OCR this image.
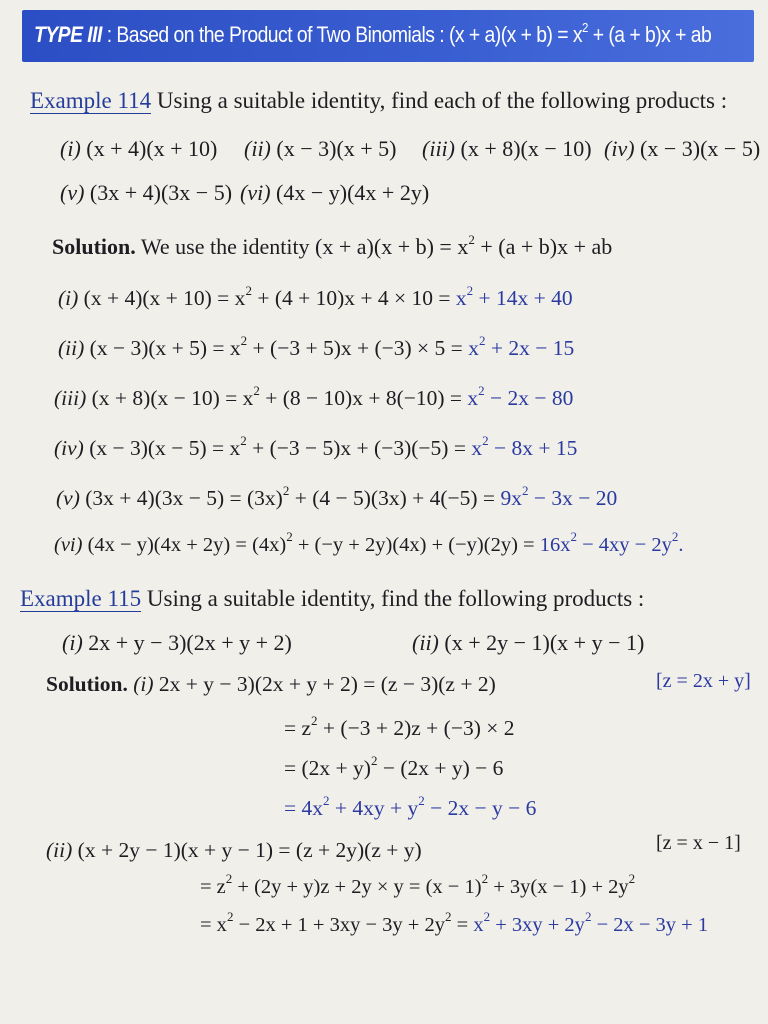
TYPE III : Based on the Product of Two Binomials : $(x + a)(x + b) = x^2 + (a + b)x$ + ab
Example 114 Using a suitable identity, find each of the following products :
(i) (x + 4)(x + 10) (ii) (x − 3)(x + 5) (iii) (x + 8)(x − 10) (iv) (x − 3)(x − 5)
(v) (3x + 4)(3x − 5) (vi) (4x − y)(4x + 2y)
Solution. We use the identity $(x + a)(x + b) = x^2 + (a + b)x$ + ab
(i) $(x + 4)(x + 10) = x^2 + (4 + 10)x + 4 \times 10 = x^2 + 14x + 40$
(ii) $(x - 3)(x + 5) = x^2 + (-3 + 5)x + (-3) \times 5 = x^2 + 2x - 15$
(iii) $(x + 8)(x - 10) = x^2 + (8 - 10)x + 8(-10) = x^2 - 2x - 80$
(iv) $(x - 3)(x - 5) = x^2 + (-3 - 5)x + (-3)(-5) = x^2 - 8x + 15$
(v) $(3x + 4)(3x - 5) = (3x)^2 + (4 - 5)(3x) + 4(-5) = 9x^2 - 3x - 20$
(vi) $(4x - y)(4x + 2y) = (4x)^2 + (-y + 2y)(4x) + (-y)(2y) = 16x^2 - 4xy - 2y^2$.
Example 115 Using a suitable identity, find the following products :
(i) 2x + y − 3)(2x + y + 2)	(ii) (x + 2y − 1)(x + y − 1)
Solution. (i) 2x + y − 3)(2x + y + 2) = (z − 3)(z + 2)	[z = 2x + y]
= $z^2 + (-3 + 2)z + (-3) \times 2$
= $(2x + y)^2 - (2x + y) - 6$
= $4x^2 + 4xy + y^2 - 2x - y - 6$
(ii) (x + 2y − 1)(x + y − 1) = (z + 2y)(z + y)	[z = x − 1]
= $z^2 + (2y + y)z + 2y \times y = (x - 1)^2 + 3y(x - 1) + 2y^2$
= $x^2 - 2x + 1 + 3xy - 3y + 2y^2 = x^2 + 3xy + 2y^2 - 2x - 3y + 1$
